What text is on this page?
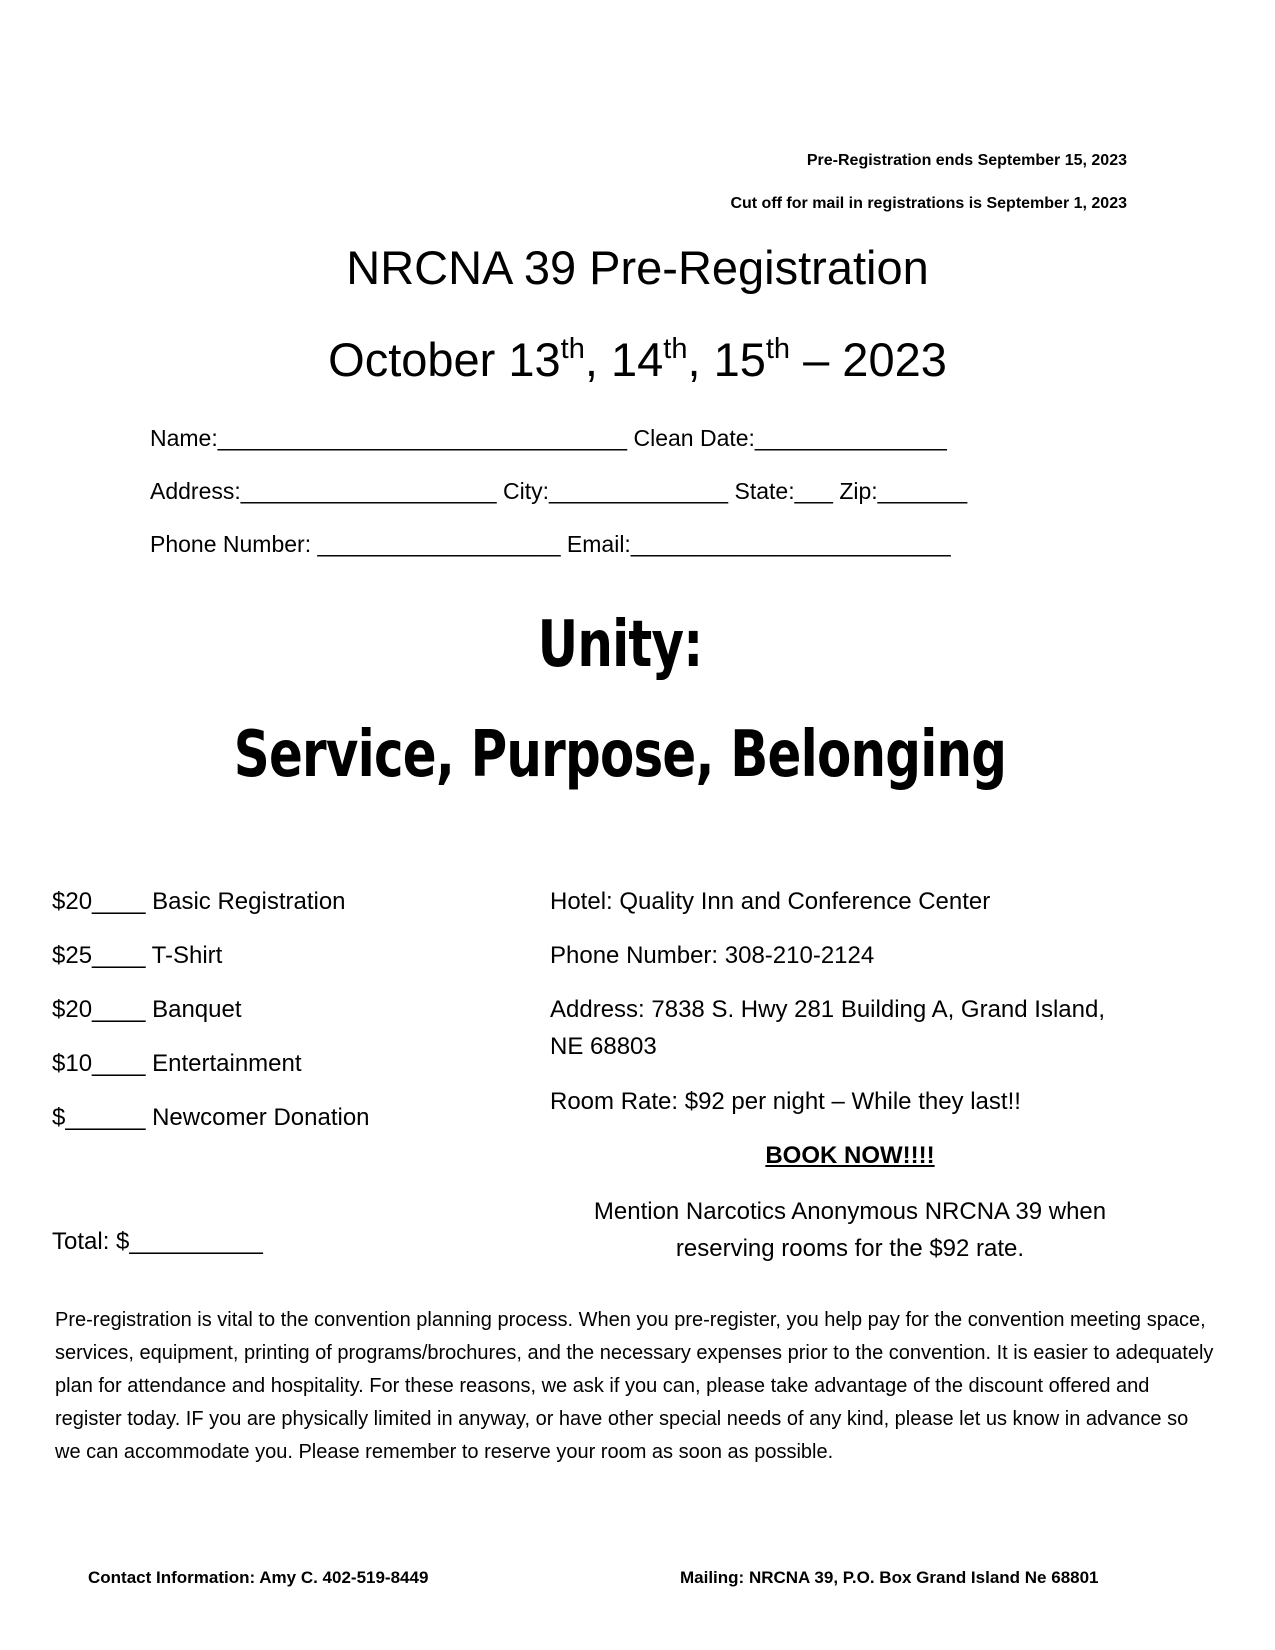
Pre-Registration ends September 15, 2023
Cut off for mail in registrations is September 1, 2023
NRCNA 39 Pre-Registration
October 13th, 14th, 15th – 2023
Name:________________________________ Clean Date:_______________
Address:____________________ City:______________ State:___ Zip:_______
Phone Number: ___________________ Email:_________________________
Unity:
Service, Purpose, Belonging
$20____ Basic Registration
$25____ T-Shirt
$20____ Banquet
$10____ Entertainment
$______ Newcomer Donation
Total: $__________
Hotel: Quality Inn and Conference Center
Phone Number: 308-210-2124
Address: 7838 S. Hwy 281 Building A, Grand Island,
NE 68803
Room Rate: $92 per night – While they last!!
BOOK NOW!!!!
Mention Narcotics Anonymous NRCNA 39 when
reserving rooms for the $92 rate.
Pre-registration is vital to the convention planning process. When you pre-register, you help pay for the convention meeting space, services, equipment, printing of programs/brochures, and the necessary expenses prior to the convention. It is easier to adequately plan for attendance and hospitality. For these reasons, we ask if you can, please take advantage of the discount offered and register today. IF you are physically limited in anyway, or have other special needs of any kind, please let us know in advance so we can accommodate you. Please remember to reserve your room as soon as possible.
Contact Information: Amy C. 402-519-8449	Mailing: NRCNA 39, P.O. Box Grand Island Ne 68801
